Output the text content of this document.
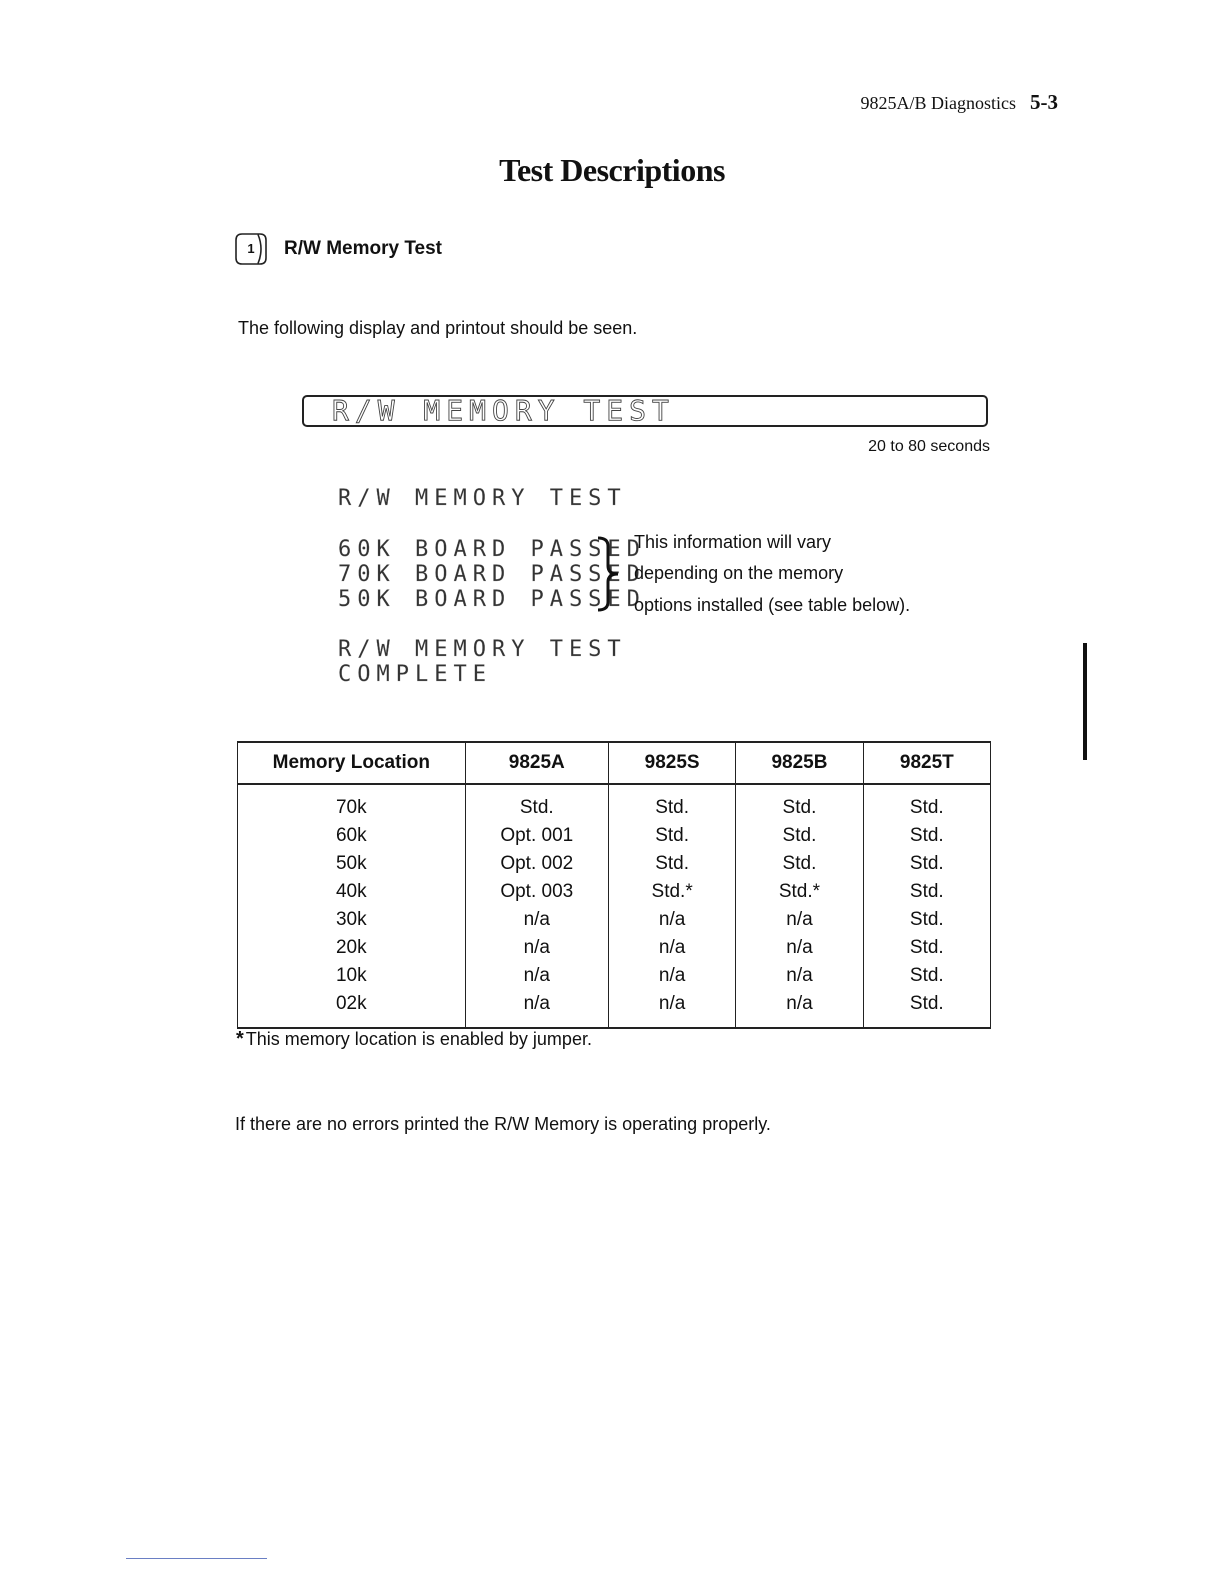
9825A/B Diagnostics 5-3
Test Descriptions
1	R/W Memory Test
The following display and printout should be seen.
R/W MEMORY TEST
20 to 80 seconds
R/W MEMORY TEST
60K BOARD PASSED
70K BOARD PASSED
50K BOARD PASSED
R/W MEMORY TEST
COMPLETE
This information will vary
depending on the memory
options installed (see table below).
Memory Location	9825A	9825S	9825B	9825T
70k	Std.	Std.	Std.	Std.
60k	Opt. 001	Std.	Std.	Std.
50k	Opt. 002	Std.	Std.	Std.
40k	Opt. 003	Std.*	Std.*	Std.
30k	n/a	n/a	n/a	Std.
20k	n/a	n/a	n/a	Std.
10k	n/a	n/a	n/a	Std.
02k	n/a	n/a	n/a	Std.
* This memory location is enabled by jumper.
If there are no errors printed the R/W Memory is operating properly.
